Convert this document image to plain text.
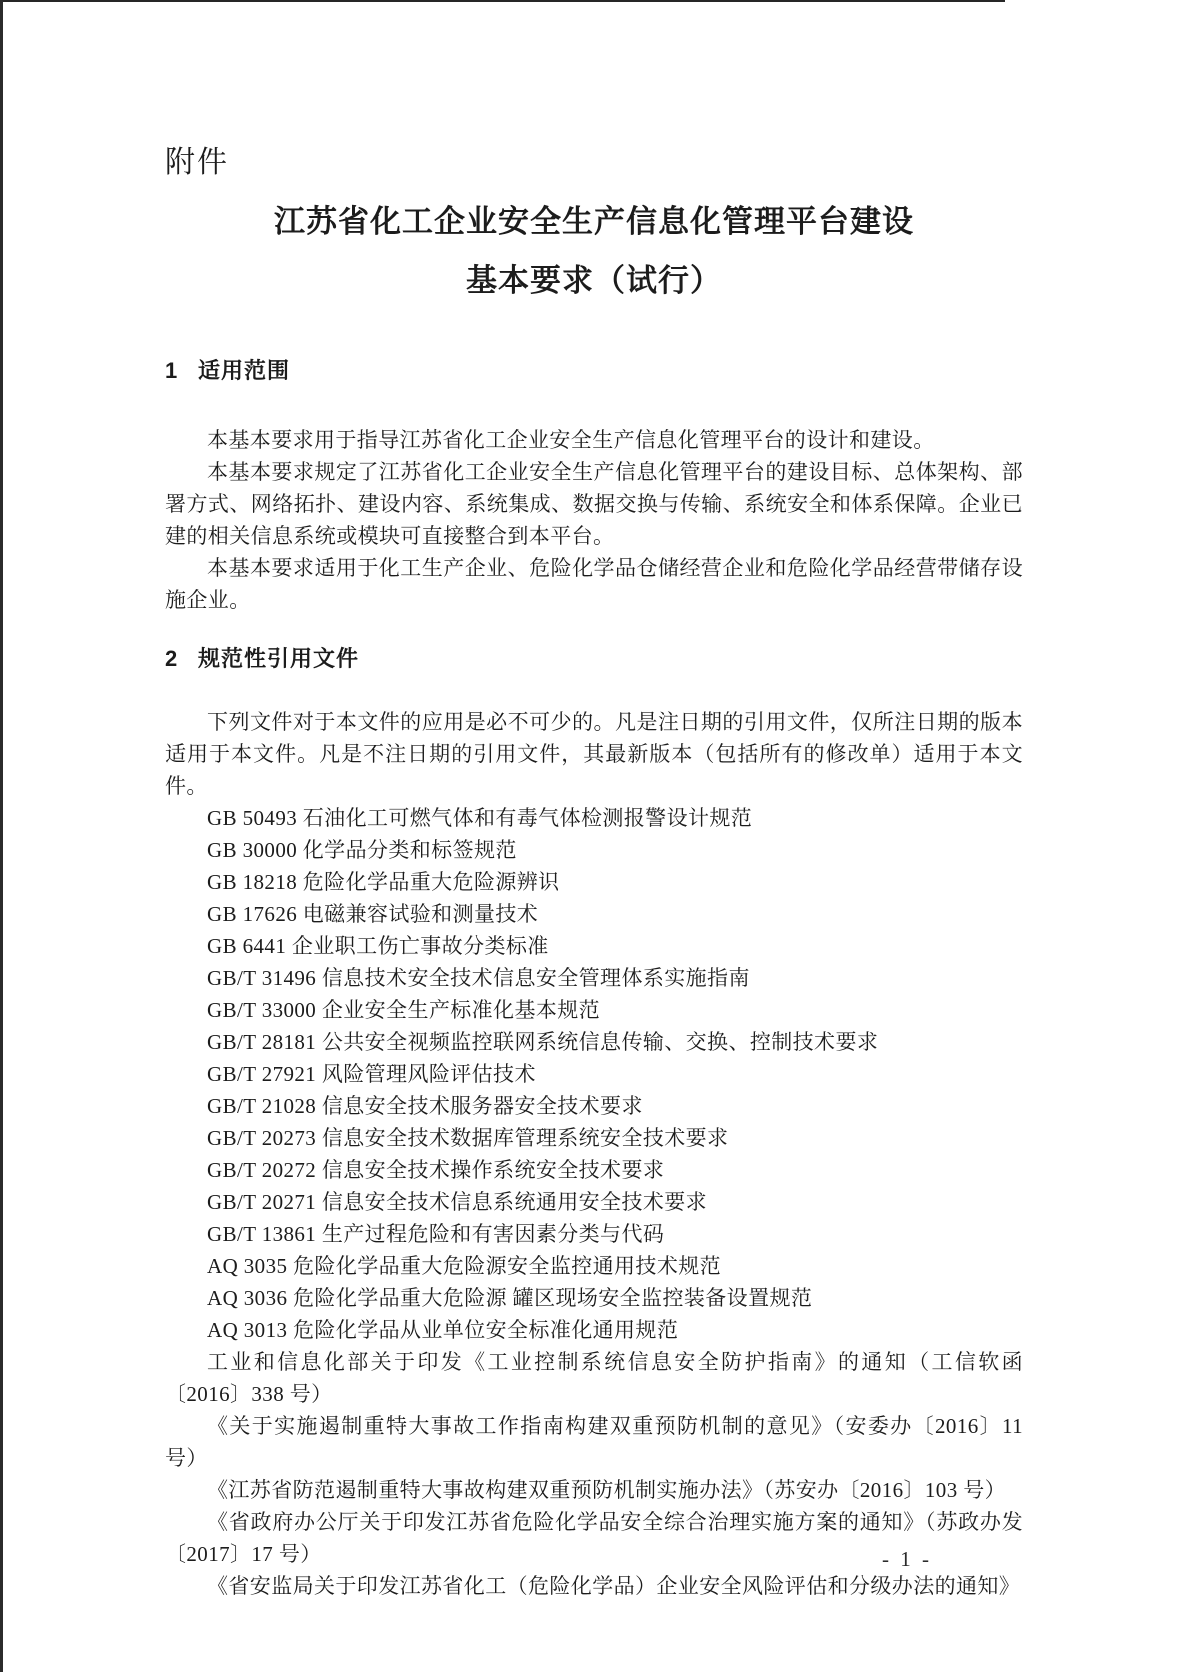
附件
江苏省化工企业安全生产信息化管理平台建设
基本要求（试行）
1 适用范围

本基本要求用于指导江苏省化工企业安全生产信息化管理平台的设计和建设。

本基本要求规定了江苏省化工企业安全生产信息化管理平台的建设目标、总体架构、部署方式、网络拓扑、建设内容、系统集成、数据交换与传输、系统安全和体系保障。企业已建的相关信息系统或模块可直接整合到本平台。

本基本要求适用于化工生产企业、危险化学品仓储经营企业和危险化学品经营带储存设施企业。

2 规范性引用文件

下列文件对于本文件的应用是必不可少的。凡是注日期的引用文件，仅所注日期的版本适用于本文件。凡是不注日期的引用文件，其最新版本（包括所有的修改单）适用于本文件。

GB 50493 石油化工可燃气体和有毒气体检测报警设计规范

GB 30000 化学品分类和标签规范

GB 18218 危险化学品重大危险源辨识

GB 17626 电磁兼容试验和测量技术

GB 6441 企业职工伤亡事故分类标准

GB/T 31496 信息技术安全技术信息安全管理体系实施指南

GB/T 33000 企业安全生产标准化基本规范

GB/T 28181 公共安全视频监控联网系统信息传输、交换、控制技术要求

GB/T 27921 风险管理风险评估技术

GB/T 21028 信息安全技术服务器安全技术要求

GB/T 20273 信息安全技术数据库管理系统安全技术要求

GB/T 20272 信息安全技术操作系统安全技术要求

GB/T 20271 信息安全技术信息系统通用安全技术要求

GB/T 13861 生产过程危险和有害因素分类与代码

AQ 3035 危险化学品重大危险源安全监控通用技术规范

AQ 3036 危险化学品重大危险源 罐区现场安全监控装备设置规范

AQ 3013 危险化学品从业单位安全标准化通用规范

工业和信息化部关于印发《工业控制系统信息安全防护指南》的通知（工信软函〔2016〕338 号）

《关于实施遏制重特大事故工作指南构建双重预防机制的意见》（安委办〔2016〕11 号）

《江苏省防范遏制重特大事故构建双重预防机制实施办法》（苏安办〔2016〕103 号）

《省政府办公厅关于印发江苏省危险化学品安全综合治理实施方案的通知》（苏政办发〔2017〕17 号）

《省安监局关于印发江苏省化工（危险化学品）企业安全风险评估和分级办法的通知》

- 1 -
